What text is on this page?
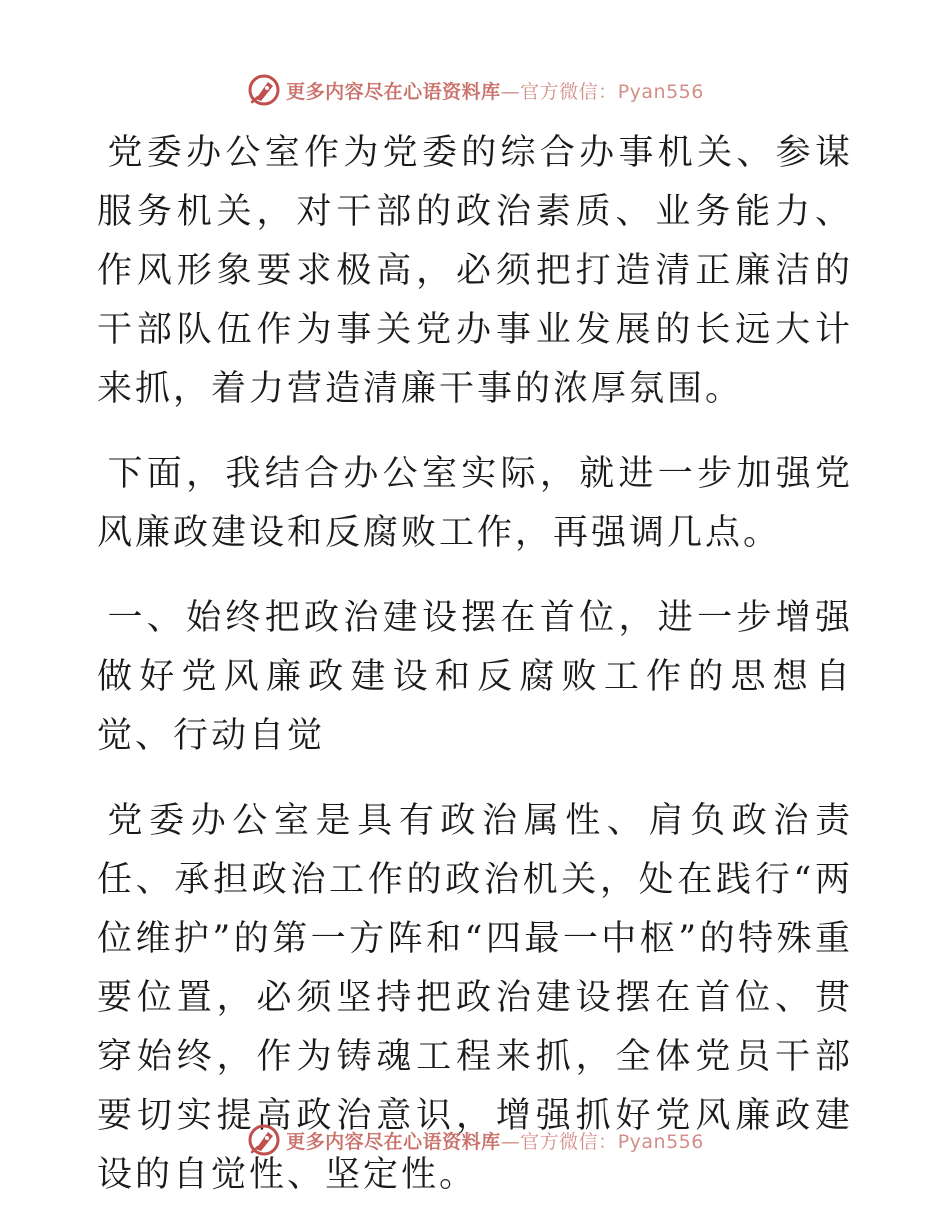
更多内容尽在心语资料库—官方微信：Pyan556

党委办公室作为党委的综合办事机关、参谋服务机关，对干部的政治素质、业务能力、作风形象要求极高，必须把打造清正廉洁的干部队伍作为事关党办事业发展的长远大计来抓，着力营造清廉干事的浓厚氛围。

下面，我结合办公室实际，就进一步加强党风廉政建设和反腐败工作，再强调几点。

一、始终把政治建设摆在首位，进一步增强做好党风廉政建设和反腐败工作的思想自觉、行动自觉

党委办公室是具有政治属性、肩负政治责任、承担政治工作的政治机关，处在践行“两位维护”的第一方阵和“四最一中枢”的特殊重要位置，必须坚持把政治建设摆在首位、贯穿始终，作为铸魂工程来抓，全体党员干部要切实提高政治意识，增强抓好党风廉政建设的自觉性、坚定性。

更多内容尽在心语资料库—官方微信：Pyan556
